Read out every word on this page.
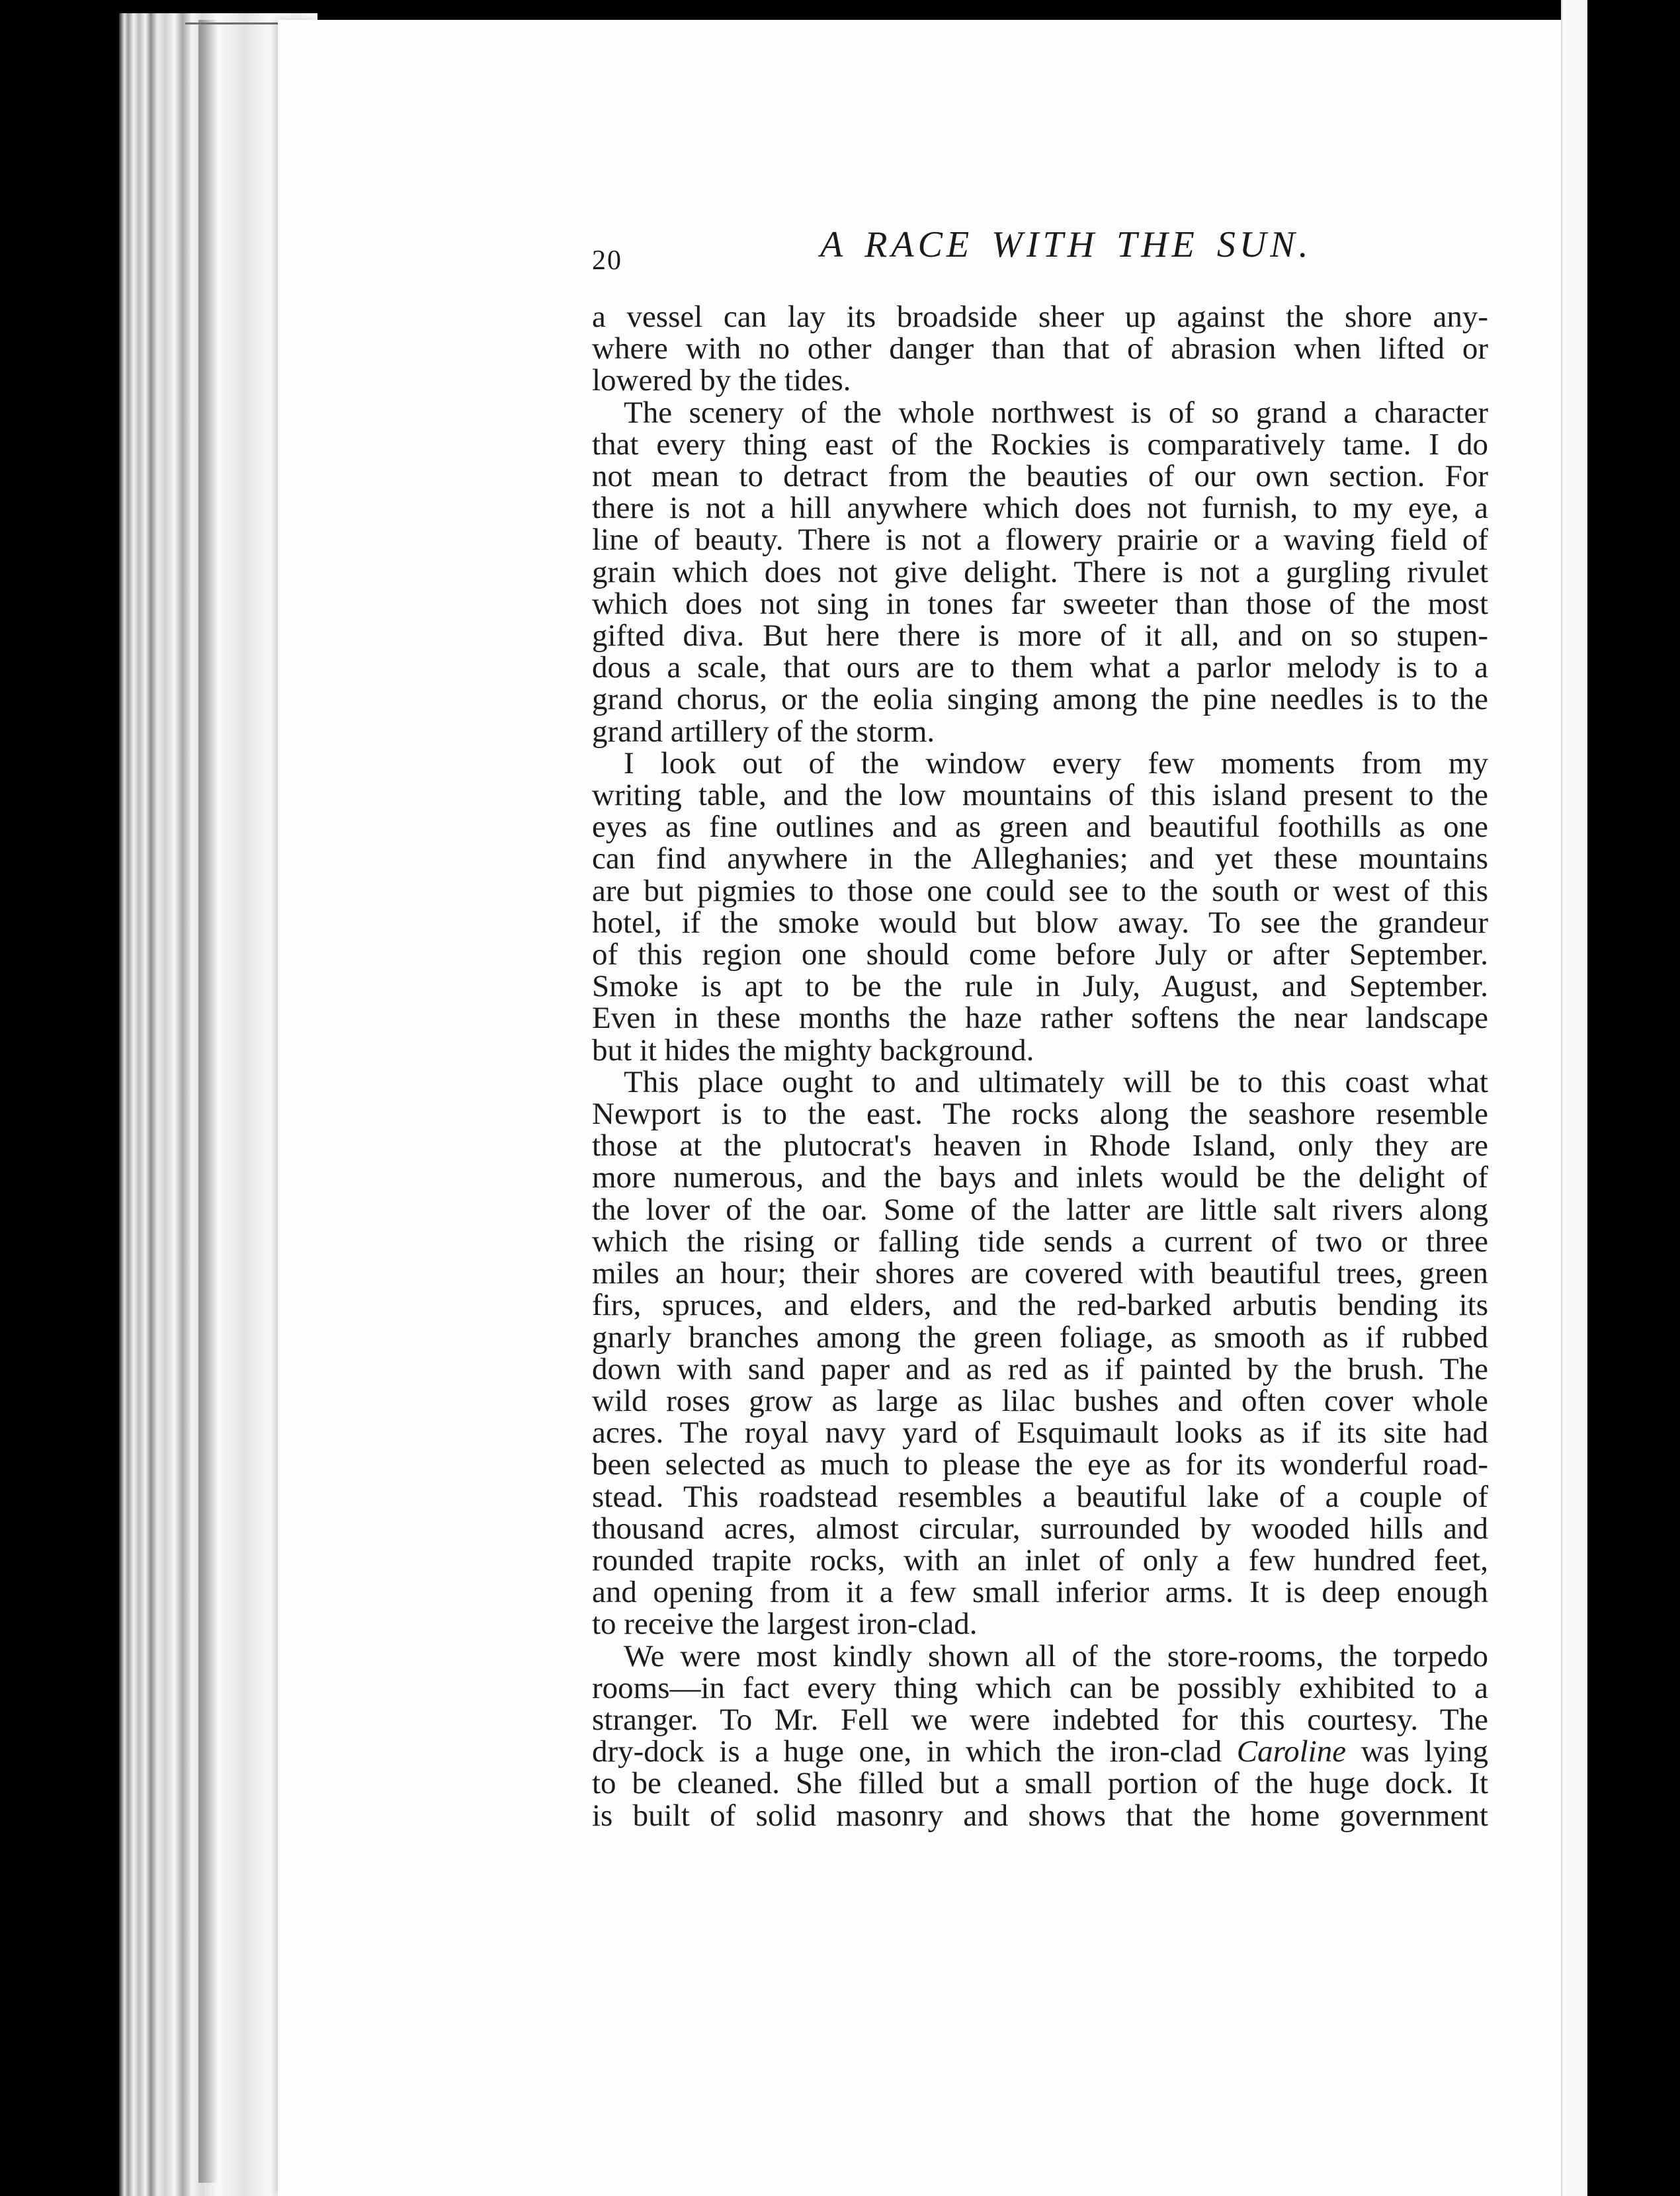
20	A RACE WITH THE SUN.
a vessel can lay its broadside sheer up against the shore any-
where with no other danger than that of abrasion when lifted or
lowered by the tides.
The scenery of the whole northwest is of so grand a character
that every thing east of the Rockies is comparatively tame. I do
not mean to detract from the beauties of our own section. For
there is not a hill anywhere which does not furnish, to my eye, a
line of beauty. There is not a flowery prairie or a waving field of
grain which does not give delight. There is not a gurgling rivulet
which does not sing in tones far sweeter than those of the most
gifted diva. But here there is more of it all, and on so stupen-
dous a scale, that ours are to them what a parlor melody is to a
grand chorus, or the eolia singing among the pine needles is to the
grand artillery of the storm.
I look out of the window every few moments from my
writing table, and the low mountains of this island present to the
eyes as fine outlines and as green and beautiful foothills as one
can find anywhere in the Alleghanies; and yet these mountains
are but pigmies to those one could see to the south or west of this
hotel, if the smoke would but blow away. To see the grandeur
of this region one should come before July or after September.
Smoke is apt to be the rule in July, August, and September.
Even in these months the haze rather softens the near landscape
but it hides the mighty background.
This place ought to and ultimately will be to this coast what
Newport is to the east. The rocks along the seashore resemble
those at the plutocrat's heaven in Rhode Island, only they are
more numerous, and the bays and inlets would be the delight of
the lover of the oar. Some of the latter are little salt rivers along
which the rising or falling tide sends a current of two or three
miles an hour; their shores are covered with beautiful trees, green
firs, spruces, and elders, and the red-barked arbutis bending its
gnarly branches among the green foliage, as smooth as if rubbed
down with sand paper and as red as if painted by the brush. The
wild roses grow as large as lilac bushes and often cover whole
acres. The royal navy yard of Esquimault looks as if its site had
been selected as much to please the eye as for its wonderful road-
stead. This roadstead resembles a beautiful lake of a couple of
thousand acres, almost circular, surrounded by wooded hills and
rounded trapite rocks, with an inlet of only a few hundred feet,
and opening from it a few small inferior arms. It is deep enough
to receive the largest iron-clad.
We were most kindly shown all of the store-rooms, the torpedo
rooms—in fact every thing which can be possibly exhibited to a
stranger. To Mr. Fell we were indebted for this courtesy. The
dry-dock is a huge one, in which the iron-clad Caroline was lying
to be cleaned. She filled but a small portion of the huge dock. It
is built of solid masonry and shows that the home government
